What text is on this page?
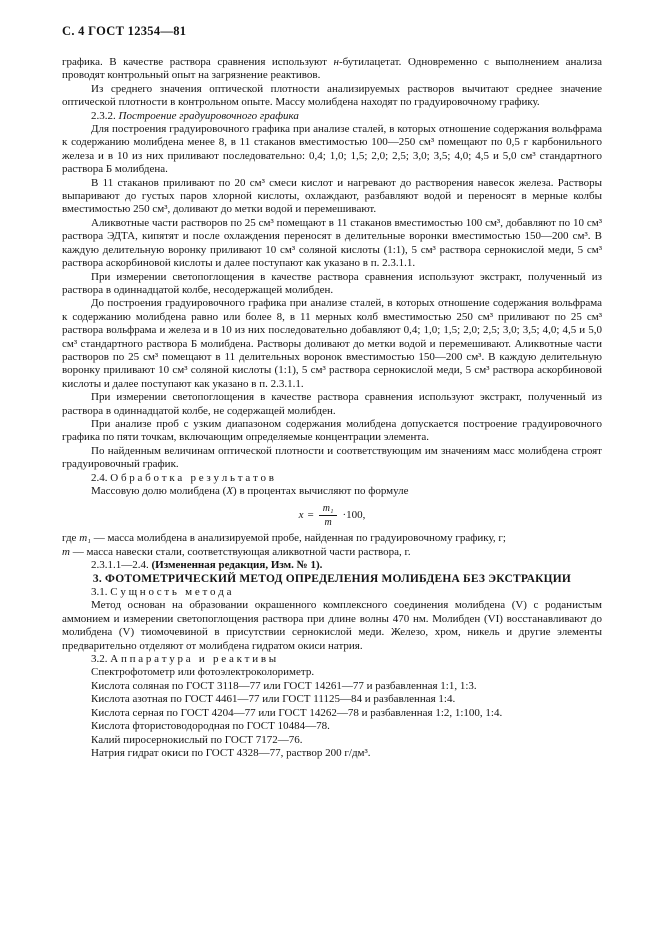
С. 4 ГОСТ 12354—81

графика. В качестве раствора сравнения используют н-бутилацетат. Одновременно с выполнением анализа проводят контрольный опыт на загрязнение реактивов.

Из среднего значения оптической плотности анализируемых растворов вычитают среднее значение оптической плотности в контрольном опыте. Массу молибдена находят по градуировочному графику.

2.3.2. Построение градуировочного графика

Для построения градуировочного графика при анализе сталей, в которых отношение содержания вольфрама к содержанию молибдена менее 8, в 11 стаканов вместимостью 100—250 см³ помещают по 0,5 г карбонильного железа и в 10 из них приливают последовательно: 0,4; 1,0; 1,5; 2,0; 2,5; 3,0; 3,5; 4,0; 4,5 и 5,0 см³ стандартного раствора Б молибдена.

В 11 стаканов приливают по 20 см³ смеси кислот и нагревают до растворения навесок железа. Растворы выпаривают до густых паров хлорной кислоты, охлаждают, разбавляют водой и переносят в мерные колбы вместимостью 250 см³, доливают до метки водой и перемешивают.

Аликвотные части растворов по 25 см³ помещают в 11 стаканов вместимостью 100 см³, добавляют по 10 см³ раствора ЭДТА, кипятят и после охлаждения переносят в делительные воронки вместимостью 150—200 см³. В каждую делительную воронку приливают 10 см³ соляной кислоты (1:1), 5 см³ раствора сернокислой меди, 5 см³ раствора аскорбиновой кислоты и далее поступают как указано в п. 2.3.1.1.

При измерении светопоглощения в качестве раствора сравнения используют экстракт, полученный из раствора в одиннадцатой колбе, несодержащей молибден.

До построения градуировочного графика при анализе сталей, в которых отношение содержания вольфрама к содержанию молибдена равно или более 8, в 11 мерных колб вместимостью 250 см³ приливают по 25 см³ раствора вольфрама и железа и в 10 из них последовательно добавляют 0,4; 1,0; 1,5; 2,0; 2,5; 3,0; 3,5; 4,0; 4,5 и 5,0 см³ стандартного раствора Б молибдена. Растворы доливают до метки водой и перемешивают. Аликвотные части растворов по 25 см³ помещают в 11 делительных воронок вместимостью 150—200 см³. В каждую делительную воронку приливают 10 см³ соляной кислоты (1:1), 5 см³ раствора сернокислой меди, 5 см³ раствора аскорбиновой кислоты и далее поступают как указано в п. 2.3.1.1.

При измерении светопоглощения в качестве раствора сравнения используют экстракт, полученный из раствора в одиннадцатой колбе, не содержащей молибден.

При анализе проб с узким диапазоном содержания молибдена допускается построение градуировочного графика по пяти точкам, включающим определяемые концентрации элемента.

По найденным величинам оптической плотности и соответствующим им значениям масс молибдена строят градуировочный график.

2.4. О б р а б о т к а   р е з у л ь т а т о в

Массовую долю молибдена (X) в процентах вычисляют по формуле

$x = \frac{\text{m₁}}{m} \cdot 100$,

где m₁ — масса молибдена в анализируемой пробе, найденная по градуировочному графику, г;

m — масса навески стали, соответствующая аликвотной части раствора, г.

2.3.1.1—2.4. (Измененная редакция, Изм. № 1).

3. ФОТОМЕТРИЧЕСКИЙ МЕТОД ОПРЕДЕЛЕНИЯ МОЛИБДЕНА БЕЗ ЭКСТРАКЦИИ

3.1. С у щ н о с т ь   м е т о д а

Метод основан на образовании окрашенного комплексного соединения молибдена (V) с роданистым аммонием и измерении светопоглощения раствора при длине волны 470 нм. Молибден (VI) восстанавливают до молибдена (V) тиомочевиной в присутствии сернокислой меди. Железо, хром, никель и другие элементы предварительно отделяют от молибдена гидратом окиси натрия.

3.2. А п п а р а т у р а   и   р е а к т и в ы

Спектрофотометр или фотоэлектроколориметр.

Кислота соляная по ГОСТ 3118—77 или ГОСТ 14261—77 и разбавленная 1:1, 1:3.

Кислота азотная по ГОСТ 4461—77 или ГОСТ 11125—84 и разбавленная 1:4.

Кислота серная по ГОСТ 4204—77 или ГОСТ 14262—78 и разбавленная 1:2, 1:100, 1:4.

Кислота фтористоводородная по ГОСТ 10484—78.

Калий пиросернокислый по ГОСТ 7172—76.

Натрия гидрат окиси по ГОСТ 4328—77, раствор 200 г/дм³.
